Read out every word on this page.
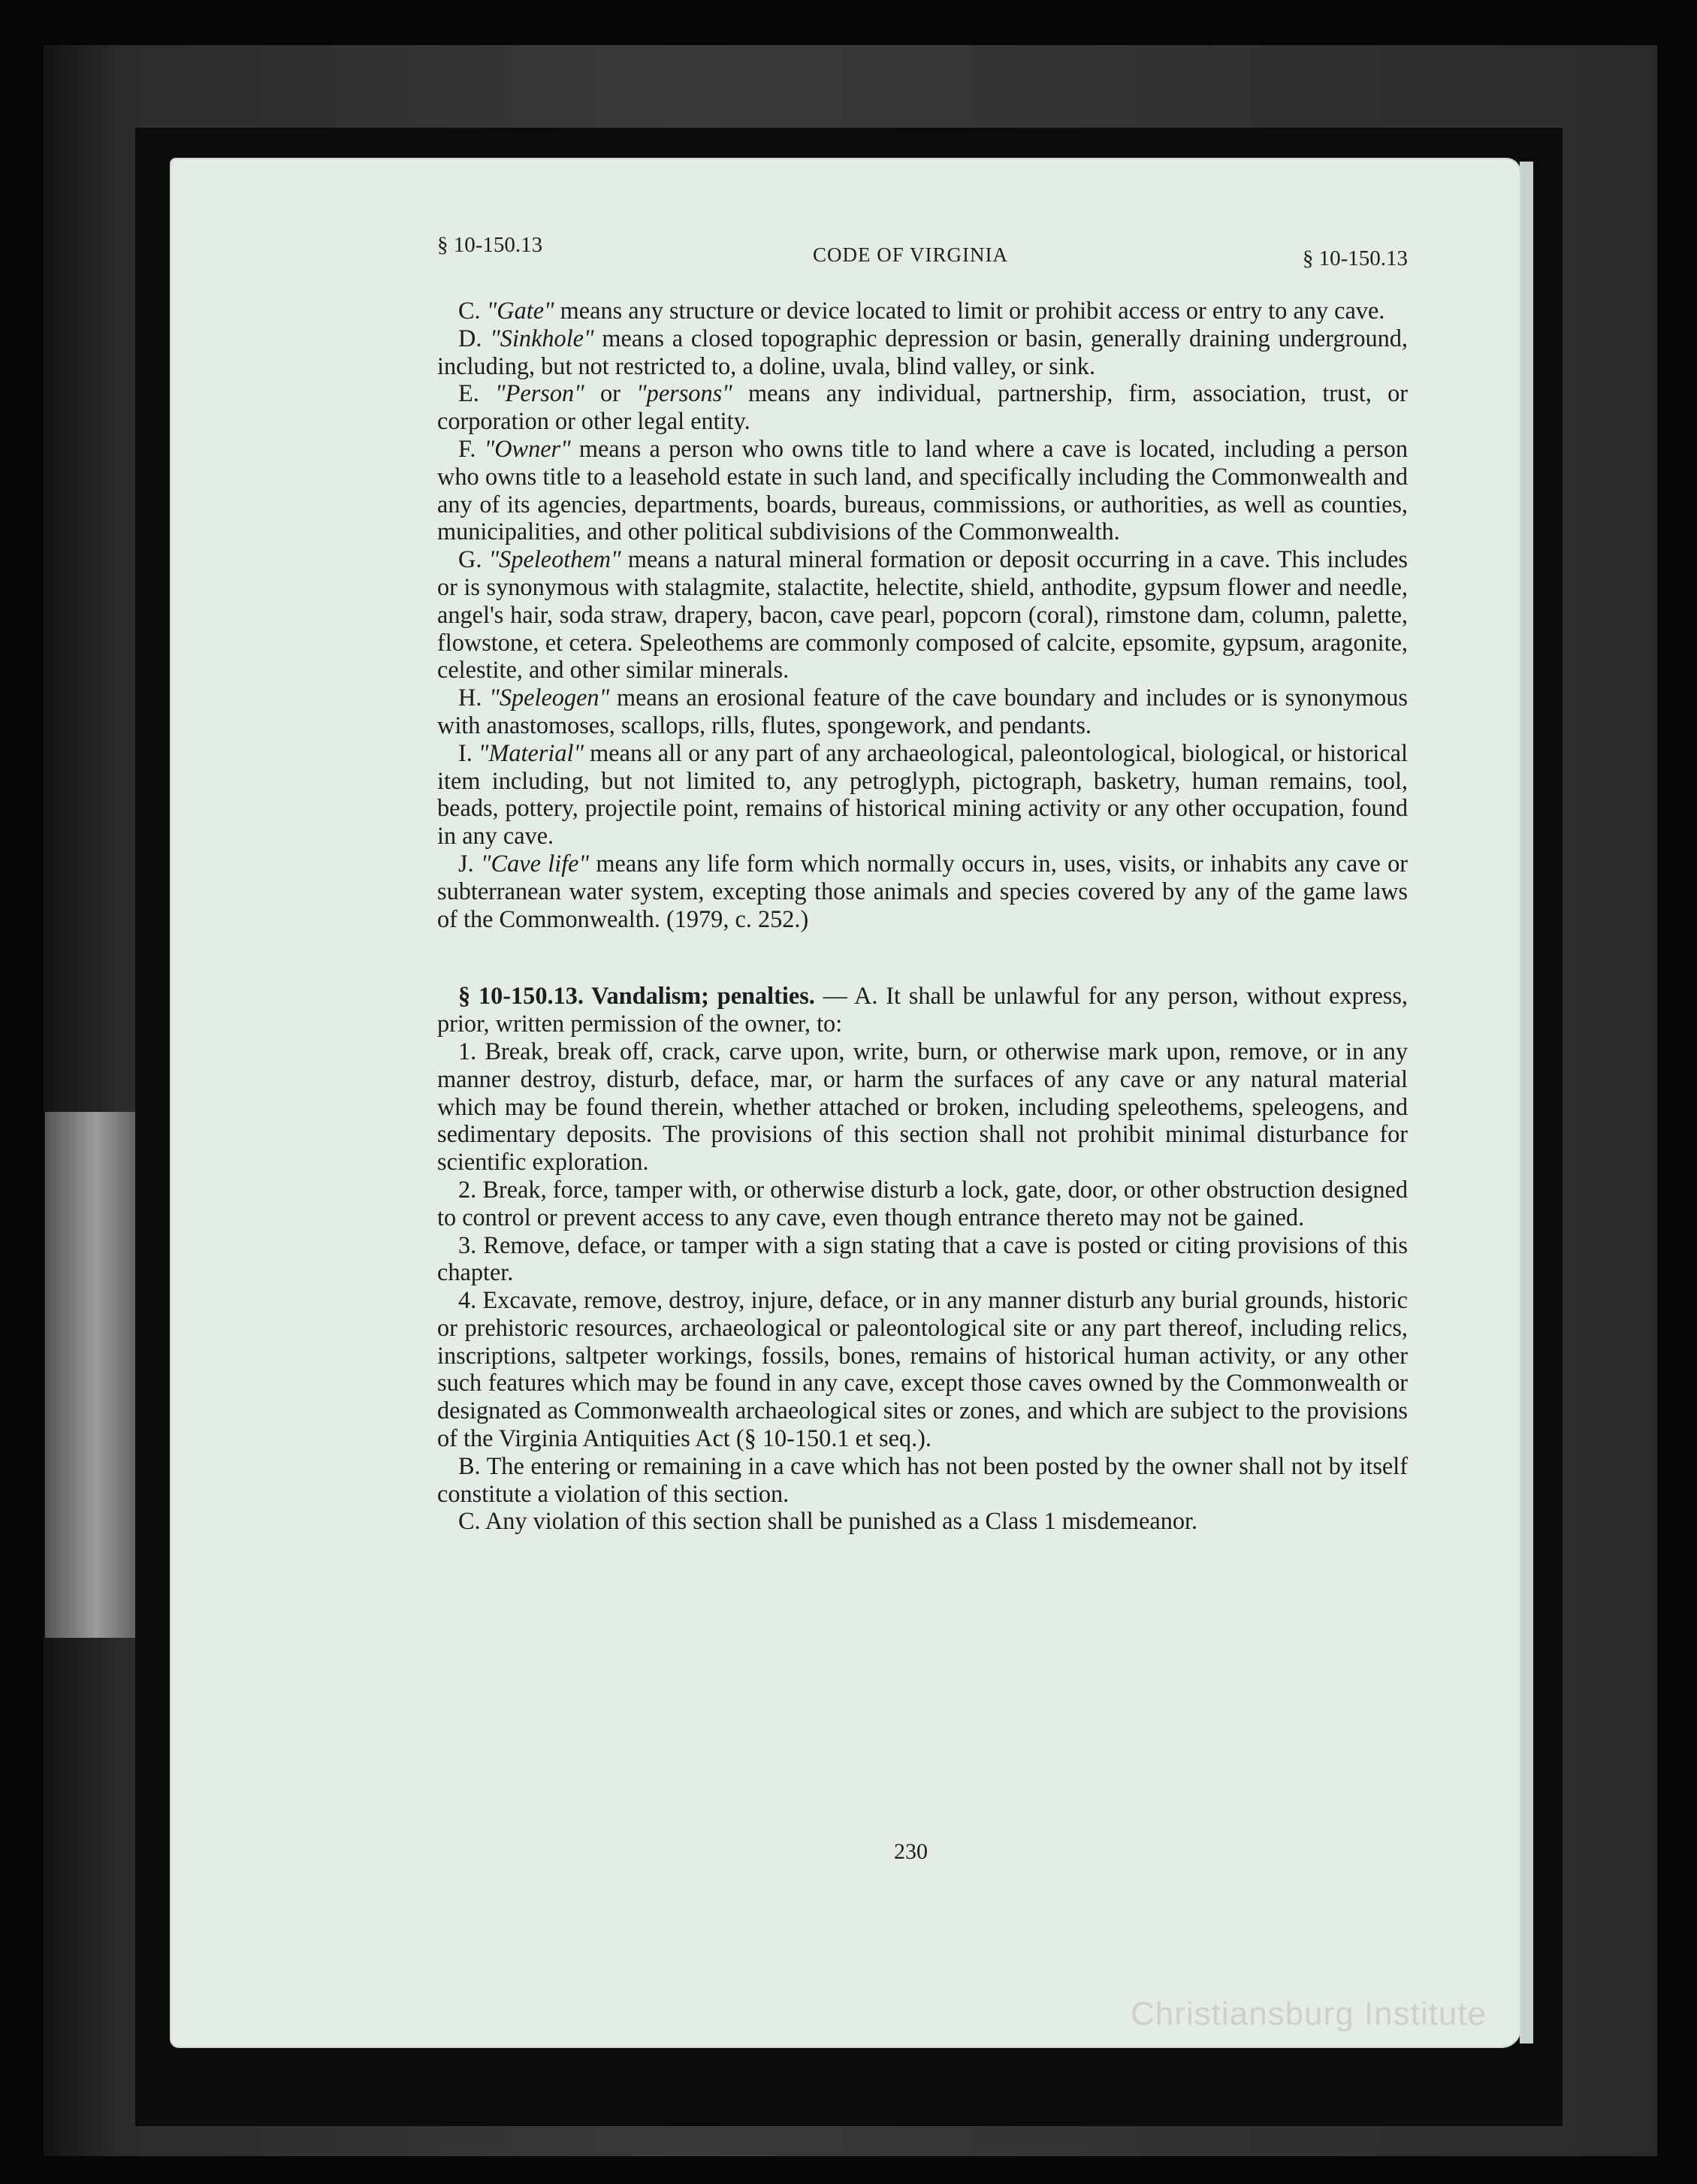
§ 10-150.13	CODE OF VIRGINIA	§ 10-150.13

C. "Gate" means any structure or device located to limit or prohibit access or entry to any cave.

D. "Sinkhole" means a closed topographic depression or basin, generally draining underground, including, but not restricted to, a doline, uvala, blind valley, or sink.

E. "Person" or "persons" means any individual, partnership, firm, association, trust, or corporation or other legal entity.

F. "Owner" means a person who owns title to land where a cave is located, including a person who owns title to a leasehold estate in such land, and specifically including the Commonwealth and any of its agencies, departments, boards, bureaus, commissions, or authorities, as well as counties, municipalities, and other political subdivisions of the Commonwealth.

G. "Speleothem" means a natural mineral formation or deposit occurring in a cave. This includes or is synonymous with stalagmite, stalactite, helectite, shield, anthodite, gypsum flower and needle, angel's hair, soda straw, drapery, bacon, cave pearl, popcorn (coral), rimstone dam, column, palette, flowstone, et cetera. Speleothems are commonly composed of calcite, epsomite, gypsum, aragonite, celestite, and other similar minerals.

H. "Speleogen" means an erosional feature of the cave boundary and includes or is synonymous with anastomoses, scallops, rills, flutes, spongework, and pendants.

I. "Material" means all or any part of any archaeological, paleontological, biological, or historical item including, but not limited to, any petroglyph, pictograph, basketry, human remains, tool, beads, pottery, projectile point, remains of historical mining activity or any other occupation, found in any cave.

J. "Cave life" means any life form which normally occurs in, uses, visits, or inhabits any cave or subterranean water system, excepting those animals and species covered by any of the game laws of the Commonwealth. (1979, c. 252.)

§ 10-150.13. Vandalism; penalties. — A. It shall be unlawful for any person, without express, prior, written permission of the owner, to:

1. Break, break off, crack, carve upon, write, burn, or otherwise mark upon, remove, or in any manner destroy, disturb, deface, mar, or harm the surfaces of any cave or any natural material which may be found therein, whether attached or broken, including speleothems, speleogens, and sedimentary deposits. The provisions of this section shall not prohibit minimal disturbance for scientific exploration.

2. Break, force, tamper with, or otherwise disturb a lock, gate, door, or other obstruction designed to control or prevent access to any cave, even though entrance thereto may not be gained.

3. Remove, deface, or tamper with a sign stating that a cave is posted or citing provisions of this chapter.

4. Excavate, remove, destroy, injure, deface, or in any manner disturb any burial grounds, historic or prehistoric resources, archaeological or paleontological site or any part thereof, including relics, inscriptions, saltpeter workings, fossils, bones, remains of historical human activity, or any other such features which may be found in any cave, except those caves owned by the Commonwealth or designated as Commonwealth archaeological sites or zones, and which are subject to the provisions of the Virginia Antiquities Act (§ 10-150.1 et seq.).

B. The entering or remaining in a cave which has not been posted by the owner shall not by itself constitute a violation of this section.

C. Any violation of this section shall be punished as a Class 1 misdemeanor.

230
Christiansburg Institute
